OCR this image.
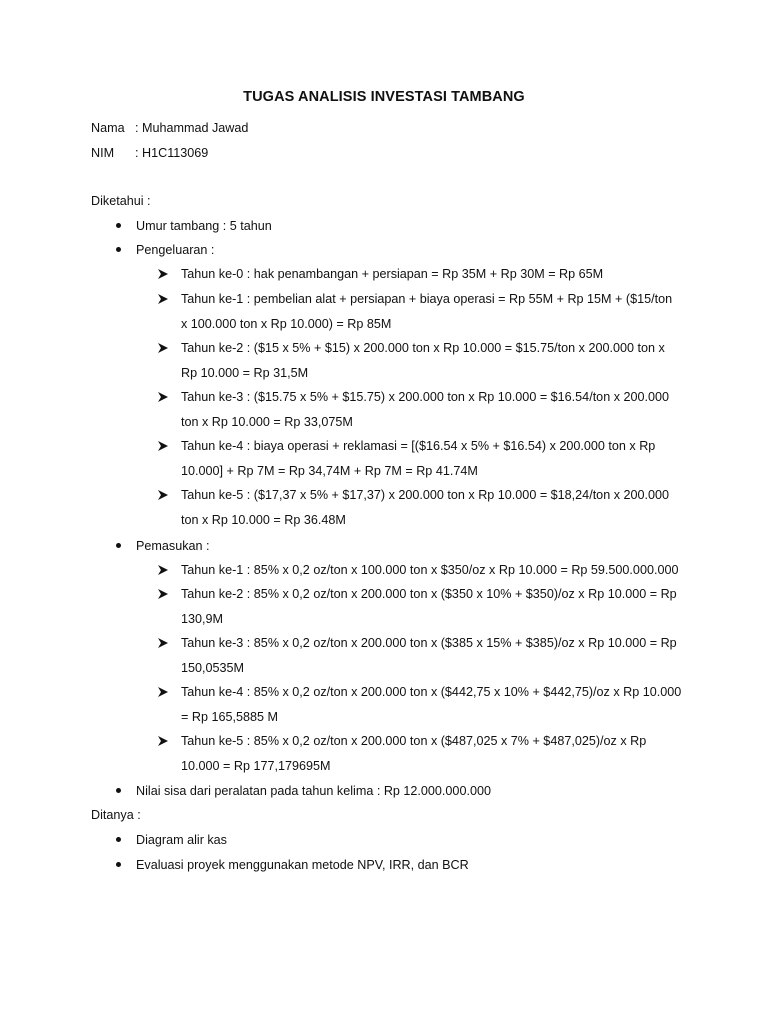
TUGAS ANALISIS INVESTASI TAMBANG
Nama : Muhammad Jawad
NIM : H1C113069
Diketahui :
Umur tambang : 5 tahun
Pengeluaran :
Tahun ke-0 : hak penambangan + persiapan = Rp 35M + Rp 30M = Rp 65M
Tahun ke-1 : pembelian alat + persiapan + biaya operasi = Rp 55M + Rp 15M + ($15/ton
x 100.000 ton x Rp 10.000) = Rp 85M
Tahun ke-2 : ($15 x 5% + $15) x 200.000 ton x Rp 10.000 = $15.75/ton x 200.000 ton x
Rp 10.000 = Rp 31,5M
Tahun ke-3 : ($15.75 x 5% + $15.75) x 200.000 ton x Rp 10.000 = $16.54/ton x 200.000
ton x Rp 10.000 = Rp 33,075M
Tahun ke-4 : biaya operasi + reklamasi = [($16.54 x 5% + $16.54) x 200.000 ton x Rp
10.000] + Rp 7M = Rp 34,74M + Rp 7M = Rp 41.74M
Tahun ke-5 : ($17,37 x 5% + $17,37) x 200.000 ton x Rp 10.000 = $18,24/ton x 200.000
ton x Rp 10.000 = Rp 36.48M
Pemasukan :
Tahun ke-1 : 85% x 0,2 oz/ton x 100.000 ton x $350/oz x Rp 10.000 = Rp 59.500.000.000
Tahun ke-2 : 85% x 0,2 oz/ton x 200.000 ton x ($350 x 10% + $350)/oz x Rp 10.000 = Rp
130,9M
Tahun ke-3 : 85% x 0,2 oz/ton x 200.000 ton x ($385 x 15% + $385)/oz x Rp 10.000 = Rp
150,0535M
Tahun ke-4 : 85% x 0,2 oz/ton x 200.000 ton x ($442,75 x 10% + $442,75)/oz x Rp 10.000
= Rp 165,5885 M
Tahun ke-5 : 85% x 0,2 oz/ton x 200.000 ton x ($487,025 x 7% + $487,025)/oz x Rp
10.000 = Rp 177,179695M
Nilai sisa dari peralatan pada tahun kelima : Rp 12.000.000.000
Ditanya :
Diagram alir kas
Evaluasi proyek menggunakan metode NPV, IRR, dan BCR
